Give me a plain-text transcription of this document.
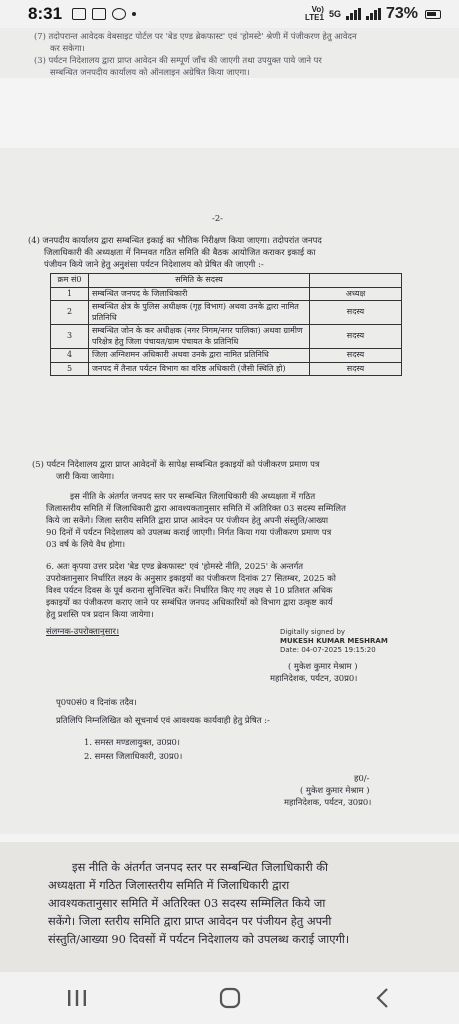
8:31	Vo)
LTE1 5G	73%
(7) तदोपरान्त आवेदक वेबसाइट पोर्टल पर 'बेड एण्ड ब्रेकफास्ट' एवं 'होमस्टे' श्रेणी में पंजीकरण हेतु आवेदन
कर सकेगा।
(3) पर्यटन निदेशालय द्वारा प्राप्त आवेदन की सम्पूर्ण जाँच की जाएगी तथा उपयुक्त पाये जाने पर
सम्बन्धित जनपदीय कार्यालय को ऑनलाइन अग्रेषित किया जाएगा।
-2-
(4) जनपदीय कार्यालय द्वारा सम्बन्धित इकाई का भौतिक निरीक्षण किया जाएगा। तदोपरांत जनपद
जिलाधिकारी की अध्यक्षता में निम्नवत गठित समिति की बैठक आयोजित कराकर इकाई का
पंजीयन किये जाने हेतु अनुशंसा पर्यटन निदेशालय को प्रेषित की जाएगी :-
क्रम सं0	समिति के सदस्य	
1	सम्बन्धित जनपद के जिलाधिकारी	अध्यक्ष
2	सम्बन्धित क्षेत्र के पुलिस अधीक्षक (गृह विभाग) अथवा उनके द्वारा नामित प्रतिनिधि	सदस्य
3	सम्बन्धित जोन के कर अधीक्षक (नगर निगम/नगर पालिका) अथवा ग्रामीण परिक्षेत्र हेतु जिला पंचायत/ग्राम पंचायत के प्रतिनिधि	सदस्य
4	जिला अग्निशमन अधिकारी अथवा उनके द्वारा नामित प्रतिनिधि	सदस्य
5	जनपद में तैनात पर्यटन विभाग का वरिष्ठ अधिकारी (जैसी स्थिति हो)	सदस्य
(5) पर्यटन निदेशालय द्वारा प्राप्त आवेदनों के सापेक्ष सम्बन्धित इकाइयों को पंजीकरण प्रमाण पत्र
जारी किया जायेगा।
इस नीति के अंतर्गत जनपद स्तर पर सम्बन्धित जिलाधिकारी की अध्यक्षता में गठित
जिलास्तरीय समिति में जिलाधिकारी द्वारा आवश्यकतानुसार समिति में अतिरिक्त 03 सदस्य सम्मिलित
किये जा सकेंगे। जिला स्तरीय समिति द्वारा प्राप्त आवेदन पर पंजीयन हेतु अपनी संस्तुति/आख्या
90 दिनों में पर्यटन निदेशालय को उपलब्ध कराई जाएगी। निर्गत किया गया पंजीकरण प्रमाण पत्र
03 वर्ष के लिये वैध होगा।
6. अतः कृपया उत्तर प्रदेश 'बेड एण्ड ब्रेकफास्ट' एवं 'होमस्टे नीति, 2025' के अन्तर्गत
उपरोक्तानुसार निर्धारित लक्ष्य के अनुसार इकाइयों का पंजीकरण दिनांक 27 सितम्बर, 2025 को
विश्व पर्यटन दिवस के पूर्व कराना सुनिश्चित करें। निर्धारित किए गए लक्ष्य से 10 प्रतिशत अधिक
इकाइयों का पंजीकरण कराए जाने पर सम्बंधित जनपद अधिकारियों को विभाग द्वारा उत्कृष्ट कार्य
हेतु प्रशस्ति पत्र प्रदान किया जायेगा।
संलग्नक-उपरोक्तानुसार।	Digitally signed by
MUKESH KUMAR MESHRAM
Date: 04-07-2025 19:15:20
( मुकेश कुमार मेश्राम )
महानिदेशक, पर्यटन, उ0प्र0।
पृ0प0सं0 व दिनांक तदैव।
प्रतिलिपि निम्नलिखित को सूचनार्थ एवं आवश्यक कार्यवाही हेतु प्रेषित :-
1. समस्त मण्डलायुक्त, उ0प्र0।
2. समस्त जिलाधिकारी, उ0प्र0।
ह0/-
( मुकेश कुमार मेश्राम )
महानिदेशक, पर्यटन, उ0प्र0।
इस नीति के अंतर्गत जनपद स्तर पर सम्बन्धित जिलाधिकारी की
अध्यक्षता में गठित जिलास्तरीय समिति में जिलाधिकारी द्वारा
आवश्यकतानुसार समिति में अतिरिक्त 03 सदस्य सम्मिलित किये जा
सकेंगे। जिला स्तरीय समिति द्वारा प्राप्त आवेदन पर पंजीयन हेतु अपनी
संस्तुति/आख्या 90 दिवसों में पर्यटन निदेशालय को उपलब्ध कराई जाएगी।
